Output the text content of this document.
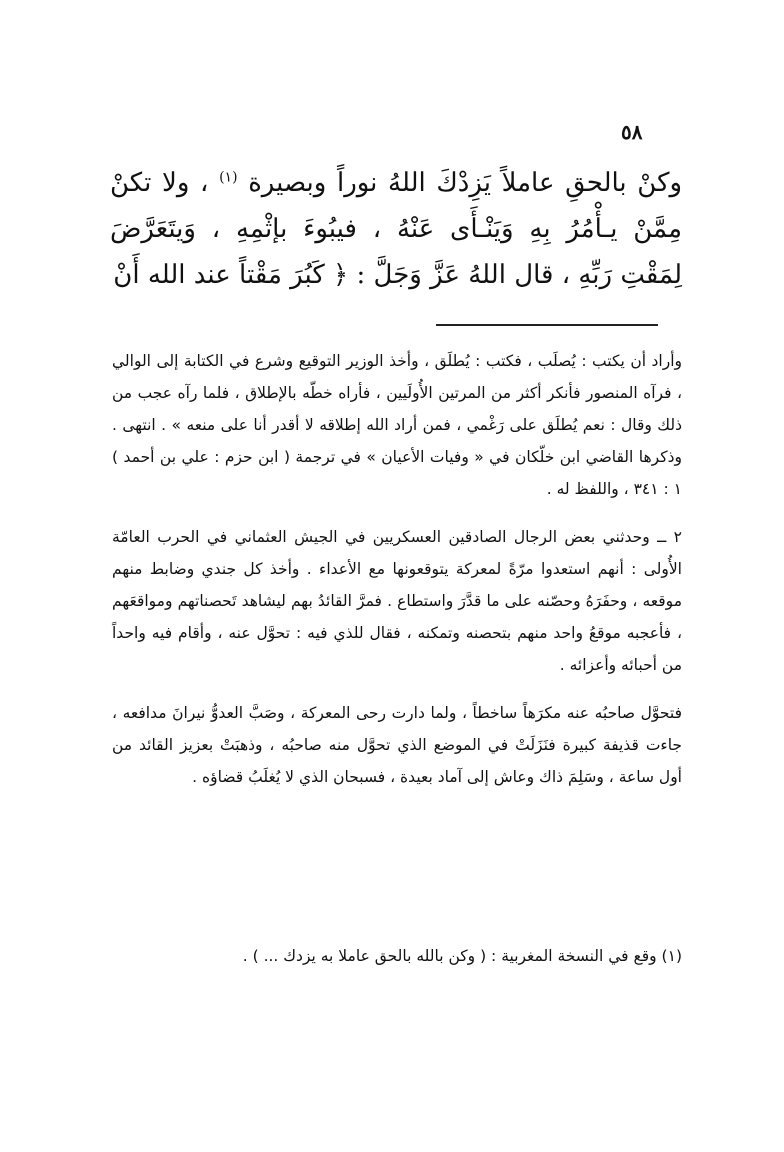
٥٨

وكنْ بالحقِ عاملاً يَزِدْكَ اللهُ نوراً وبصيرة $^{(١)}$ ، ولا تكنْ مِمَّنْ يـأْمُرُ بِهِ وَيَنْـأَى عَنْهُ ، فيبُوءَ بإثْمِهِ ، وَيتَعَرَّضَ لِمَقْتِ رَبِّهِ ، قال اللهُ عَزَّ وَجَلَّ : ﴿ كَبُرَ مَقْتاً عند الله أَنْ

وأراد أن يكتب : يُصلَب ، فكتب : يُطلَق ، وأخذ الوزير التوقيع وشرع في الكتابة إلى الوالي ، فرآه المنصور فأنكر أكثر من المرتين الأُولَيين ، فأراه خطّه بالإطلاق ، فلما رآه عجب من ذلك وقال : نعم يُطلَق على رَغْمي ، فمن أراد الله إطلاقه لا أقدر أنا على منعه » . انتهى . وذكرها القاضي ابن خلّكان في « وفيات الأعيان » في ترجمة ( ابن حزم : علي بن أحمد ) ١ : ٣٤١ ، واللفظ له .

٢ ــ وحدثني بعض الرجال الصادقين العسكريين في الجيش العثماني في الحرب العامّة الأُولى : أنهم استعدوا مرّةً لمعركة يتوقعونها مع الأعداء . وأخذ كل جندي وضابط منهم موقعه ، وحفَرَهُ وحصّنه على ما قدَّرَ واستطاع . فمرَّ القائدُ بهم ليشاهد تَحصناتهم ومواقعَهم ، فأعجبه موقعُ واحد منهم بتحصنه وتمكنه ، فقال للذي فيه : تحوَّل عنه ، وأقام فيه واحداً من أحبائه وأعزائه .

فتحوَّل صاحبُه عنه مكرَهاً ساخطاً ، ولما دارت رحى المعركة ، وصَبَّ العدوُّ نيرانَ مدافعه ، جاءت قذيفة كبيرة فنَزَلَتْ في الموضع الذي تحوَّل منه صاحبُه ، وذهبَتْ بعزيز القائد من أول ساعة ، وسَلِمَ ذاك وعاش إلى آماد بعيدة ، فسبحان الذي لا يُغلَبُ قضاؤه .

(١) وقع في النسخة المغربية : ( وكن بالله بالحق عاملا به يزدك ... ) .
